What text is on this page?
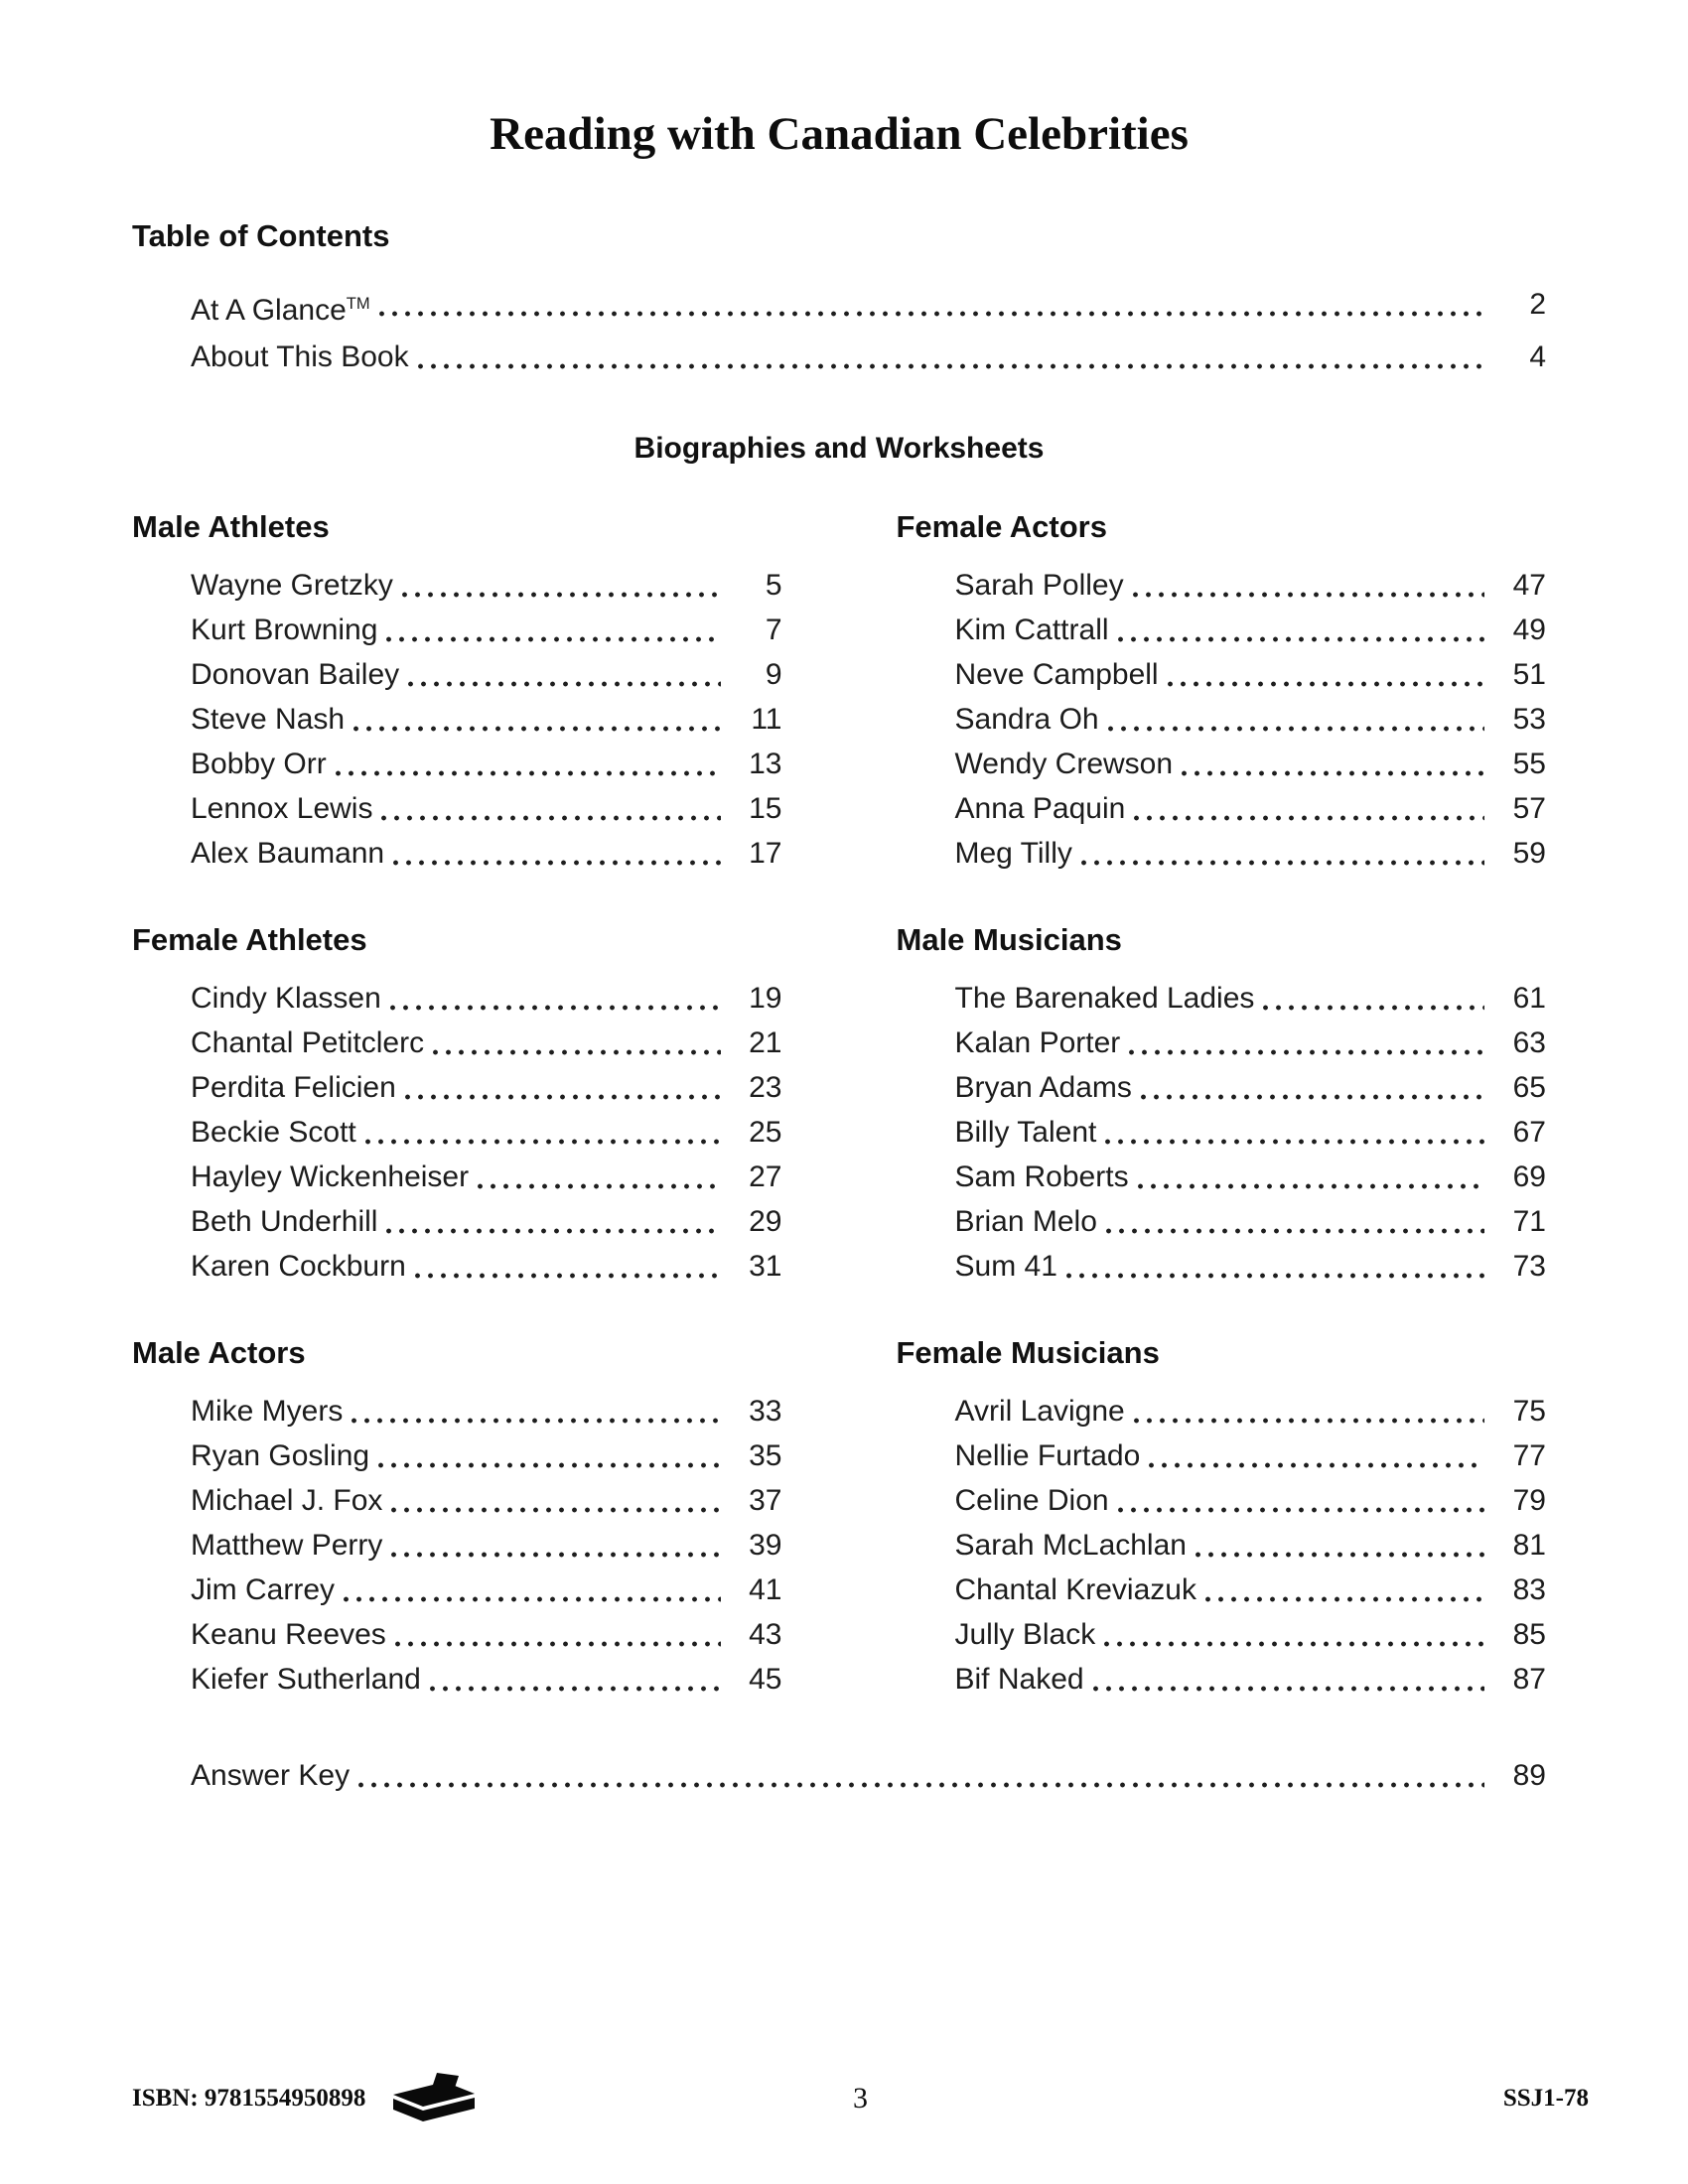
Reading with Canadian Celebrities
Table of Contents
At A Glance™	2
About This Book	4
Biographies and Worksheets
Male Athletes
Wayne Gretzky	5
Kurt Browning	7
Donovan Bailey	9
Steve Nash	11
Bobby Orr	13
Lennox Lewis	15
Alex Baumann	17
Female Athletes
Cindy Klassen	19
Chantal Petitclerc	21
Perdita Felicien	23
Beckie Scott	25
Hayley Wickenheiser	27
Beth Underhill	29
Karen Cockburn	31
Male Actors
Mike Myers	33
Ryan Gosling	35
Michael J. Fox	37
Matthew Perry	39
Jim Carrey	41
Keanu Reeves	43
Kiefer Sutherland	45
Female Actors
Sarah Polley	47
Kim Cattrall	49
Neve Campbell	51
Sandra Oh	53
Wendy Crewson	55
Anna Paquin	57
Meg Tilly	59
Male Musicians
The Barenaked Ladies	61
Kalan Porter	63
Bryan Adams	65
Billy Talent	67
Sam Roberts	69
Brian Melo	71
Sum 41	73
Female Musicians
Avril Lavigne	75
Nellie Furtado	77
Celine Dion	79
Sarah McLachlan	81
Chantal Kreviazuk	83
Jully Black	85
Bif Naked	87
Answer Key	89
ISBN: 9781554950898	3	SSJ1-78
